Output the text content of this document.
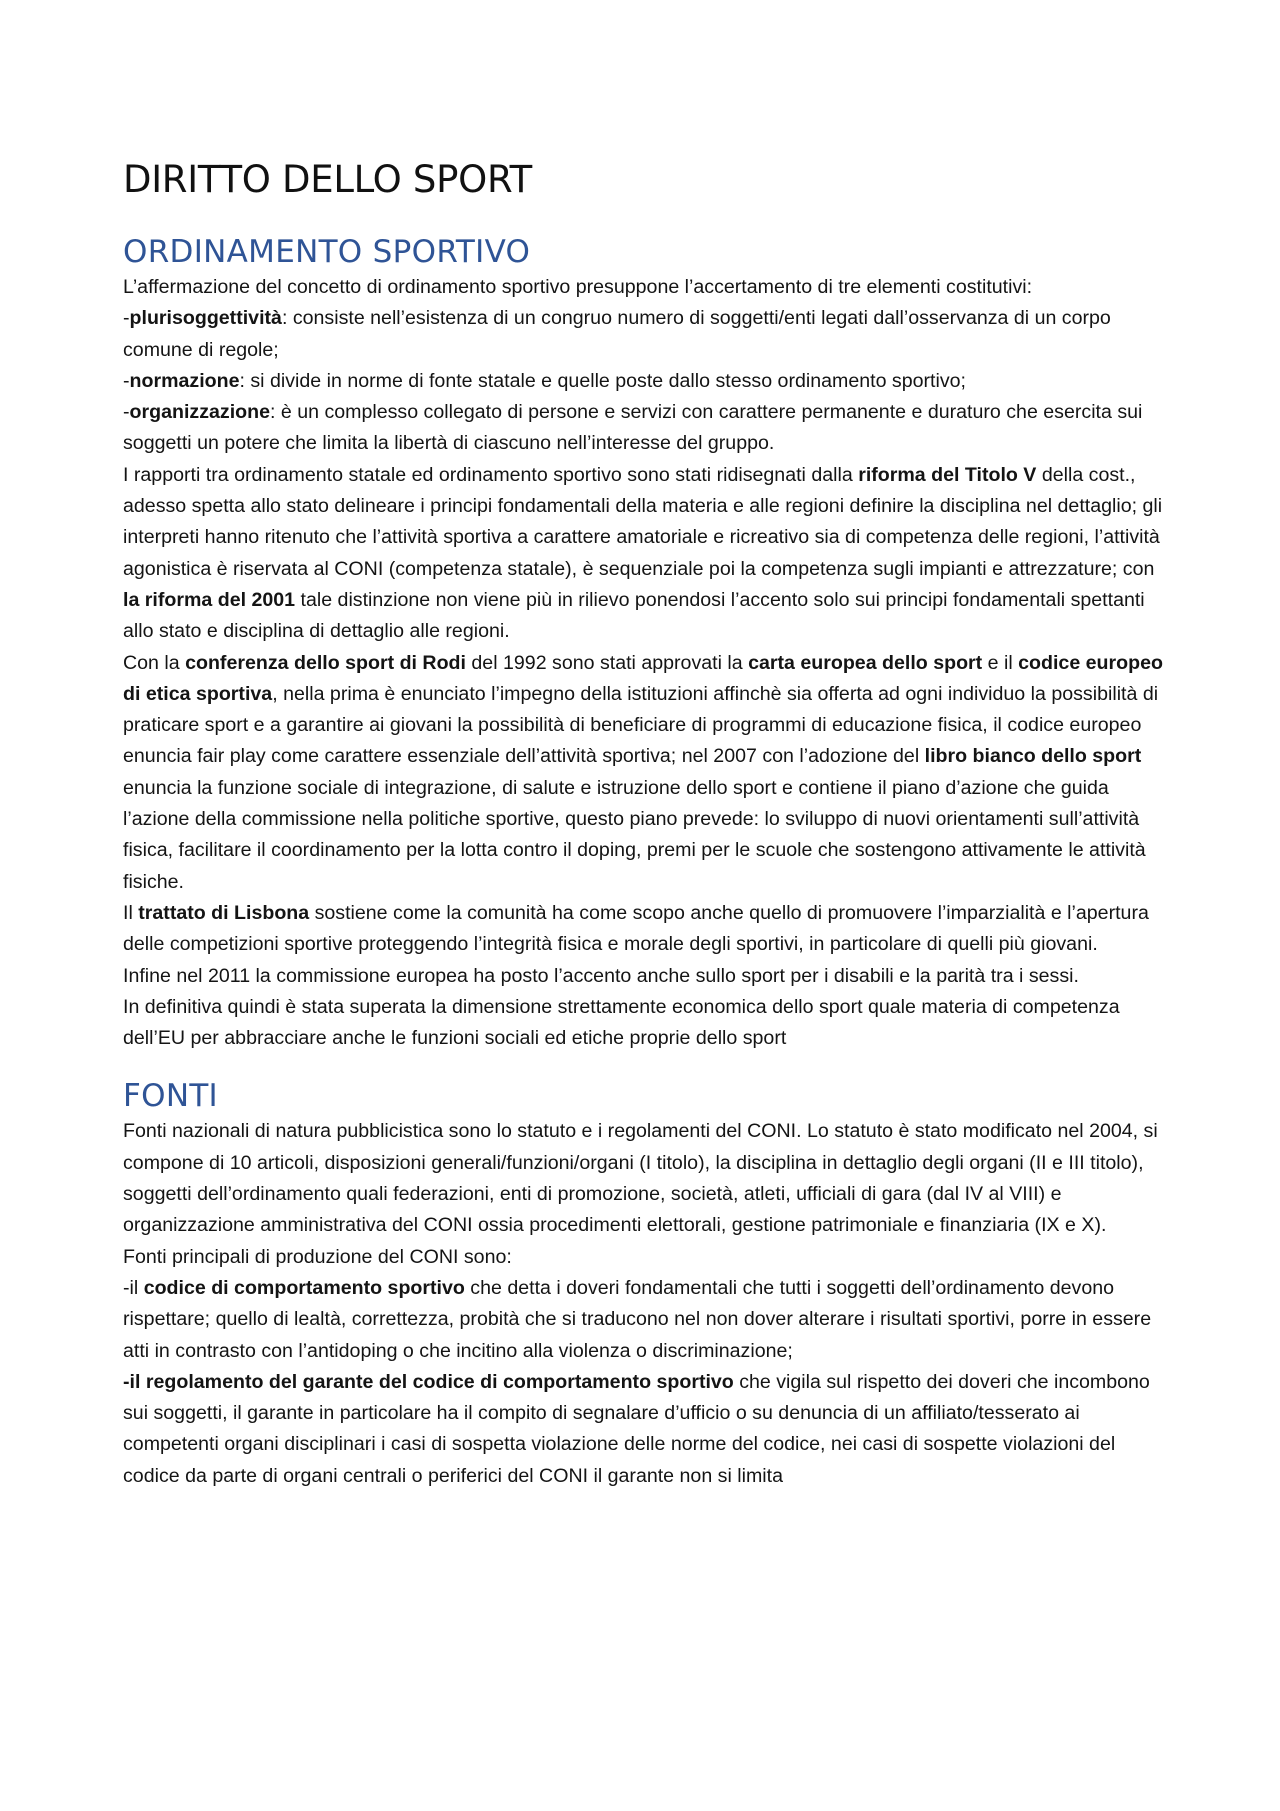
DIRITTO DELLO SPORT
ORDINAMENTO SPORTIVO

L’affermazione del concetto di ordinamento sportivo presuppone l’accertamento di tre elementi costitutivi:

-plurisoggettività: consiste nell’esistenza di un congruo numero di soggetti/enti legati dall’osservanza di un corpo comune di regole;

-normazione: si divide in norme di fonte statale e quelle poste dallo stesso ordinamento sportivo;

-organizzazione: è un complesso collegato di persone e servizi con carattere permanente e duraturo che esercita sui soggetti un potere che limita la libertà di ciascuno nell’interesse del gruppo.

I rapporti tra ordinamento statale ed ordinamento sportivo sono stati ridisegnati dalla riforma del Titolo V della cost., adesso spetta allo stato delineare i principi fondamentali della materia e alle regioni definire la disciplina nel dettaglio; gli interpreti hanno ritenuto che l’attività sportiva a carattere amatoriale e ricreativo sia di competenza delle regioni, l’attività agonistica è riservata al CONI (competenza statale), è sequenziale poi la competenza sugli impianti e attrezzature; con la riforma del 2001 tale distinzione non viene più in rilievo ponendosi l’accento solo sui principi fondamentali spettanti allo stato e disciplina di dettaglio alle regioni.

Con la conferenza dello sport di Rodi del 1992 sono stati approvati la carta europea dello sport e il codice europeo di etica sportiva, nella prima è enunciato l’impegno della istituzioni affinchè sia offerta ad ogni individuo la possibilità di praticare sport e a garantire ai giovani la possibilità di beneficiare di programmi di educazione fisica, il codice europeo enuncia fair play come carattere essenziale dell’attività sportiva; nel 2007 con l’adozione del libro bianco dello sport enuncia la funzione sociale di integrazione, di salute e istruzione dello sport e contiene il piano d’azione che guida l’azione della commissione nella politiche sportive, questo piano prevede: lo sviluppo di nuovi orientamenti sull’attività fisica, facilitare il coordinamento per la lotta contro il doping, premi per le scuole che sostengono attivamente le attività fisiche.

Il trattato di Lisbona sostiene come la comunità ha come scopo anche quello di promuovere l’imparzialità e l’apertura delle competizioni sportive proteggendo l’integrità fisica e morale degli sportivi, in particolare di quelli più giovani.

Infine nel 2011 la commissione europea ha posto l’accento anche sullo sport per i disabili e la parità tra i sessi.

In definitiva quindi è stata superata la dimensione strettamente economica dello sport quale materia di competenza dell’EU per abbracciare anche le funzioni sociali ed etiche proprie dello sport

FONTI

Fonti nazionali di natura pubblicistica sono lo statuto e i regolamenti del CONI. Lo statuto è stato modificato nel 2004, si compone di 10 articoli, disposizioni generali/funzioni/organi (I titolo), la disciplina in dettaglio degli organi (II e III titolo), soggetti dell’ordinamento quali federazioni, enti di promozione, società, atleti, ufficiali di gara (dal IV al VIII) e organizzazione amministrativa del CONI ossia procedimenti elettorali, gestione patrimoniale e finanziaria (IX e X).

Fonti principali di produzione del CONI sono:

-il codice di comportamento sportivo che detta i doveri fondamentali che tutti i soggetti dell’ordinamento devono rispettare; quello di lealtà, correttezza, probità che si traducono nel non dover alterare i risultati sportivi, porre in essere atti in contrasto con l’antidoping o che incitino alla violenza o discriminazione;

-il regolamento del garante del codice di comportamento sportivo che vigila sul rispetto dei doveri che incombono sui soggetti, il garante in particolare ha il compito di segnalare d’ufficio o su denuncia di un affiliato/tesserato ai competenti organi disciplinari i casi di sospetta violazione delle norme del codice, nei casi di sospette violazioni del codice da parte di organi centrali o periferici del CONI il garante non si limita
